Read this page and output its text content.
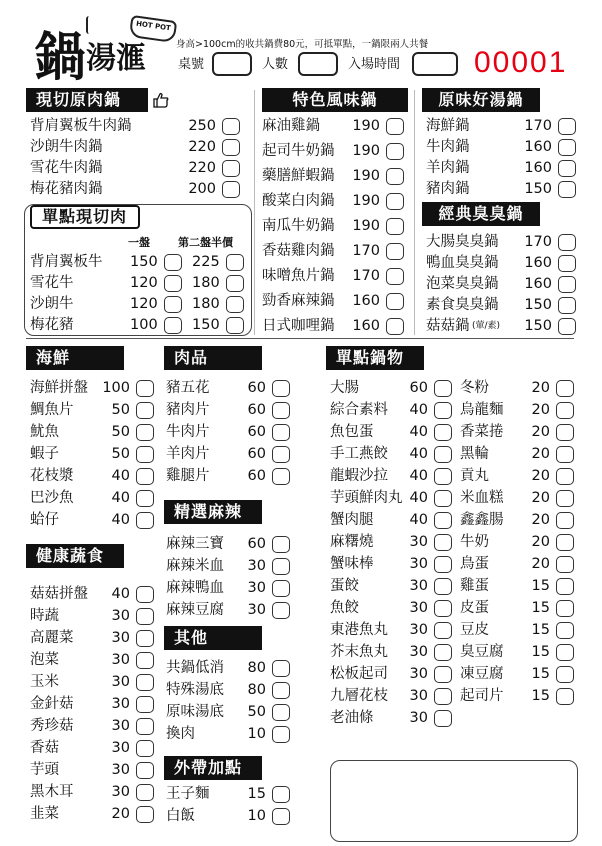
鍋 湯滙
HOT POT
身高>100cm的收共鍋費80元，可抵單點，一鍋限兩人共餐
桌號	人數	入場時間 00001
現切原肉鍋
背肩翼板牛肉鍋	250
沙朗牛肉鍋	220
雪花牛肉鍋	220
梅花豬肉鍋	200
單點現切肉
一盤	第二盤半價
背肩翼板牛 150 225
雪花牛	120 180
沙朗牛	120 180
梅花豬	100 150
特色風味鍋
麻油雞鍋 190
起司牛奶鍋 190
藥膳鮮蝦鍋 190
酸菜白肉鍋 190
南瓜牛奶鍋 190
香菇雞肉鍋 170
味噌魚片鍋 170
勁香麻辣鍋 160
日式咖哩鍋 160
原味好湯鍋
海鮮鍋	170
牛肉鍋	160
羊肉鍋	160
豬肉鍋	150
經典臭臭鍋
大腸臭臭鍋 170
鴨血臭臭鍋 160
泡菜臭臭鍋 160
素食臭臭鍋 150
菇菇鍋 (葷/素) 150
海鮮
海鮮拼盤 100
鯛魚片	50
魷魚	50
蝦子	50
花枝漿	40
巴沙魚	40
蛤仔	40
肉品
豬五花	60
豬肉片	60
牛肉片	60
羊肉片	60
雞腿片	60
精選麻辣
麻辣三寶 60
麻辣米血 30
麻辣鴨血 30
麻辣豆腐 30
其他
共鍋低消 80
特殊湯底 80
原味湯底 50
換肉	10
外帶加點
王子麵	15
白飯	10
健康蔬食
菇菇拼盤 40
時蔬	30
高麗菜	30
泡菜	30
玉米	30
金針菇	30
秀珍菇	30
香菇	30
芋頭	30
黑木耳	30
韭菜	20
單點鍋物
大腸	60
綜合素料 40
魚包蛋 40
手工燕餃 40
龍蝦沙拉 40
芋頭鮮肉丸 40
蟹肉腿 40
麻糬燒 30
蟹味棒 30
蛋餃	30
魚餃	30
東港魚丸 30
芥末魚丸 30
松板起司 30
九層花枝 30
老油條 30
冬粉	20
烏龍麵 20
香菜捲 20
黑輪	20
貢丸	20
米血糕 20
鑫鑫腸 20
牛奶	20
鳥蛋	20
雞蛋	15
皮蛋	15
豆皮	15
臭豆腐 15
凍豆腐 15
起司片 15
